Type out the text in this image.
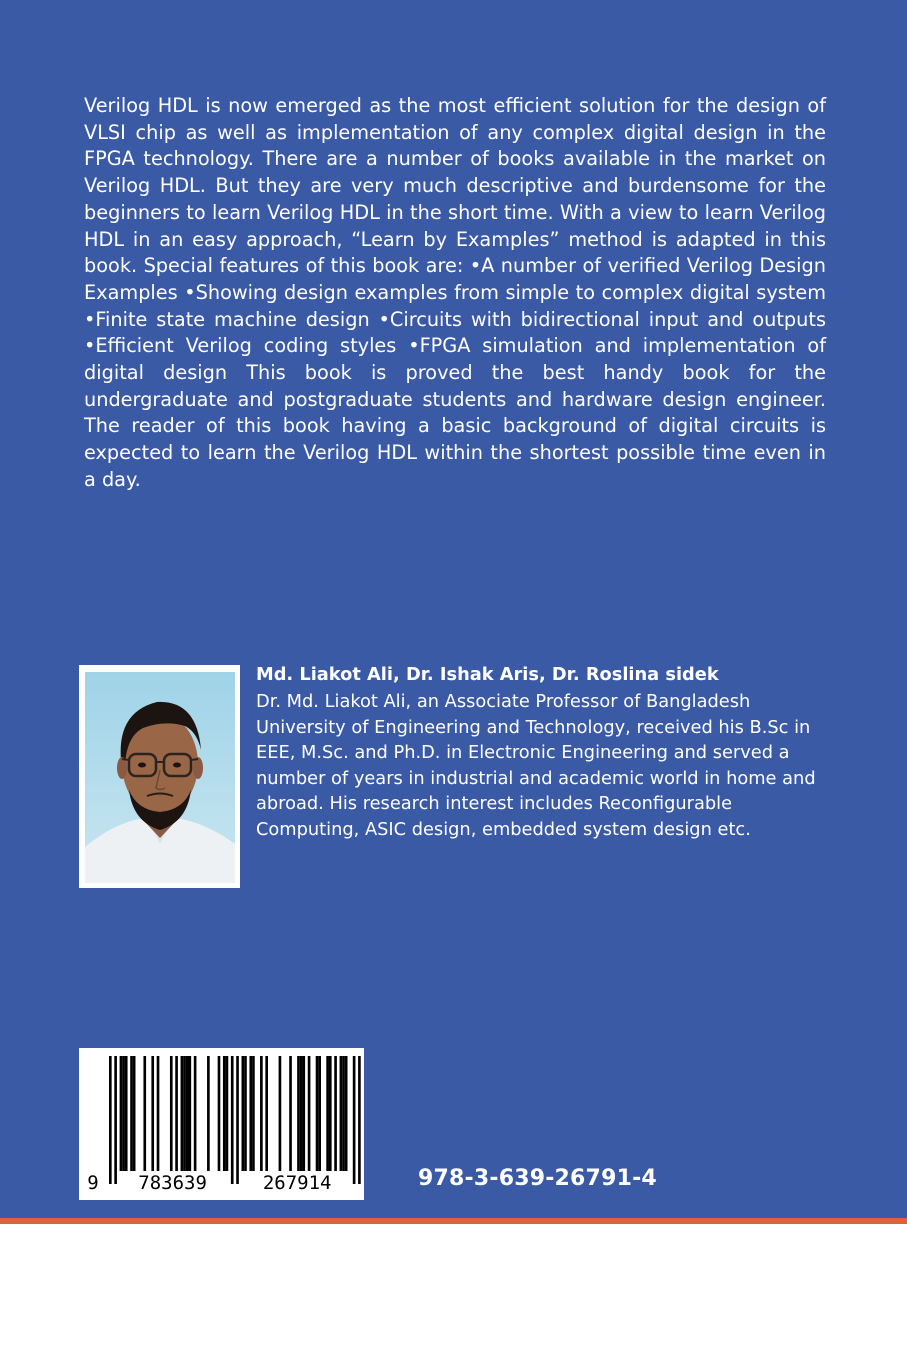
Verilog HDL is now emerged as the most efficient solution for the design of VLSI chip as well as implementation of any complex digital design in the FPGA technology. There are a number of books available in the market on Verilog HDL. But they are very much descriptive and burdensome for the beginners to learn Verilog HDL in the short time. With a view to learn Verilog HDL in an easy approach, “Learn by Examples” method is adapted in this book. Special features of this book are: •A number of verified Verilog Design Examples •Showing design examples from simple to complex digital system •Finite state machine design •Circuits with bidirectional input and outputs •Efficient Verilog coding styles •FPGA simulation and implementation of digital design This book is proved the best handy book for the undergraduate and postgraduate students and hardware design engineer. The reader of this book having a basic background of digital circuits is expected to learn the Verilog HDL within the shortest possible time even in a day.

Md. Liakot Ali, Dr. Ishak Aris, Dr. Roslina sidek

Dr. Md. Liakot Ali, an Associate Professor of Bangladesh University of Engineering and Technology, received his B.Sc in EEE, M.Sc. and Ph.D. in Electronic Engineering and served a number of years in industrial and academic world in home and abroad. His research interest includes Reconfigurable Computing, ASIC design, embedded system design etc.

9 783639	267914	978-3-639-26791-4
